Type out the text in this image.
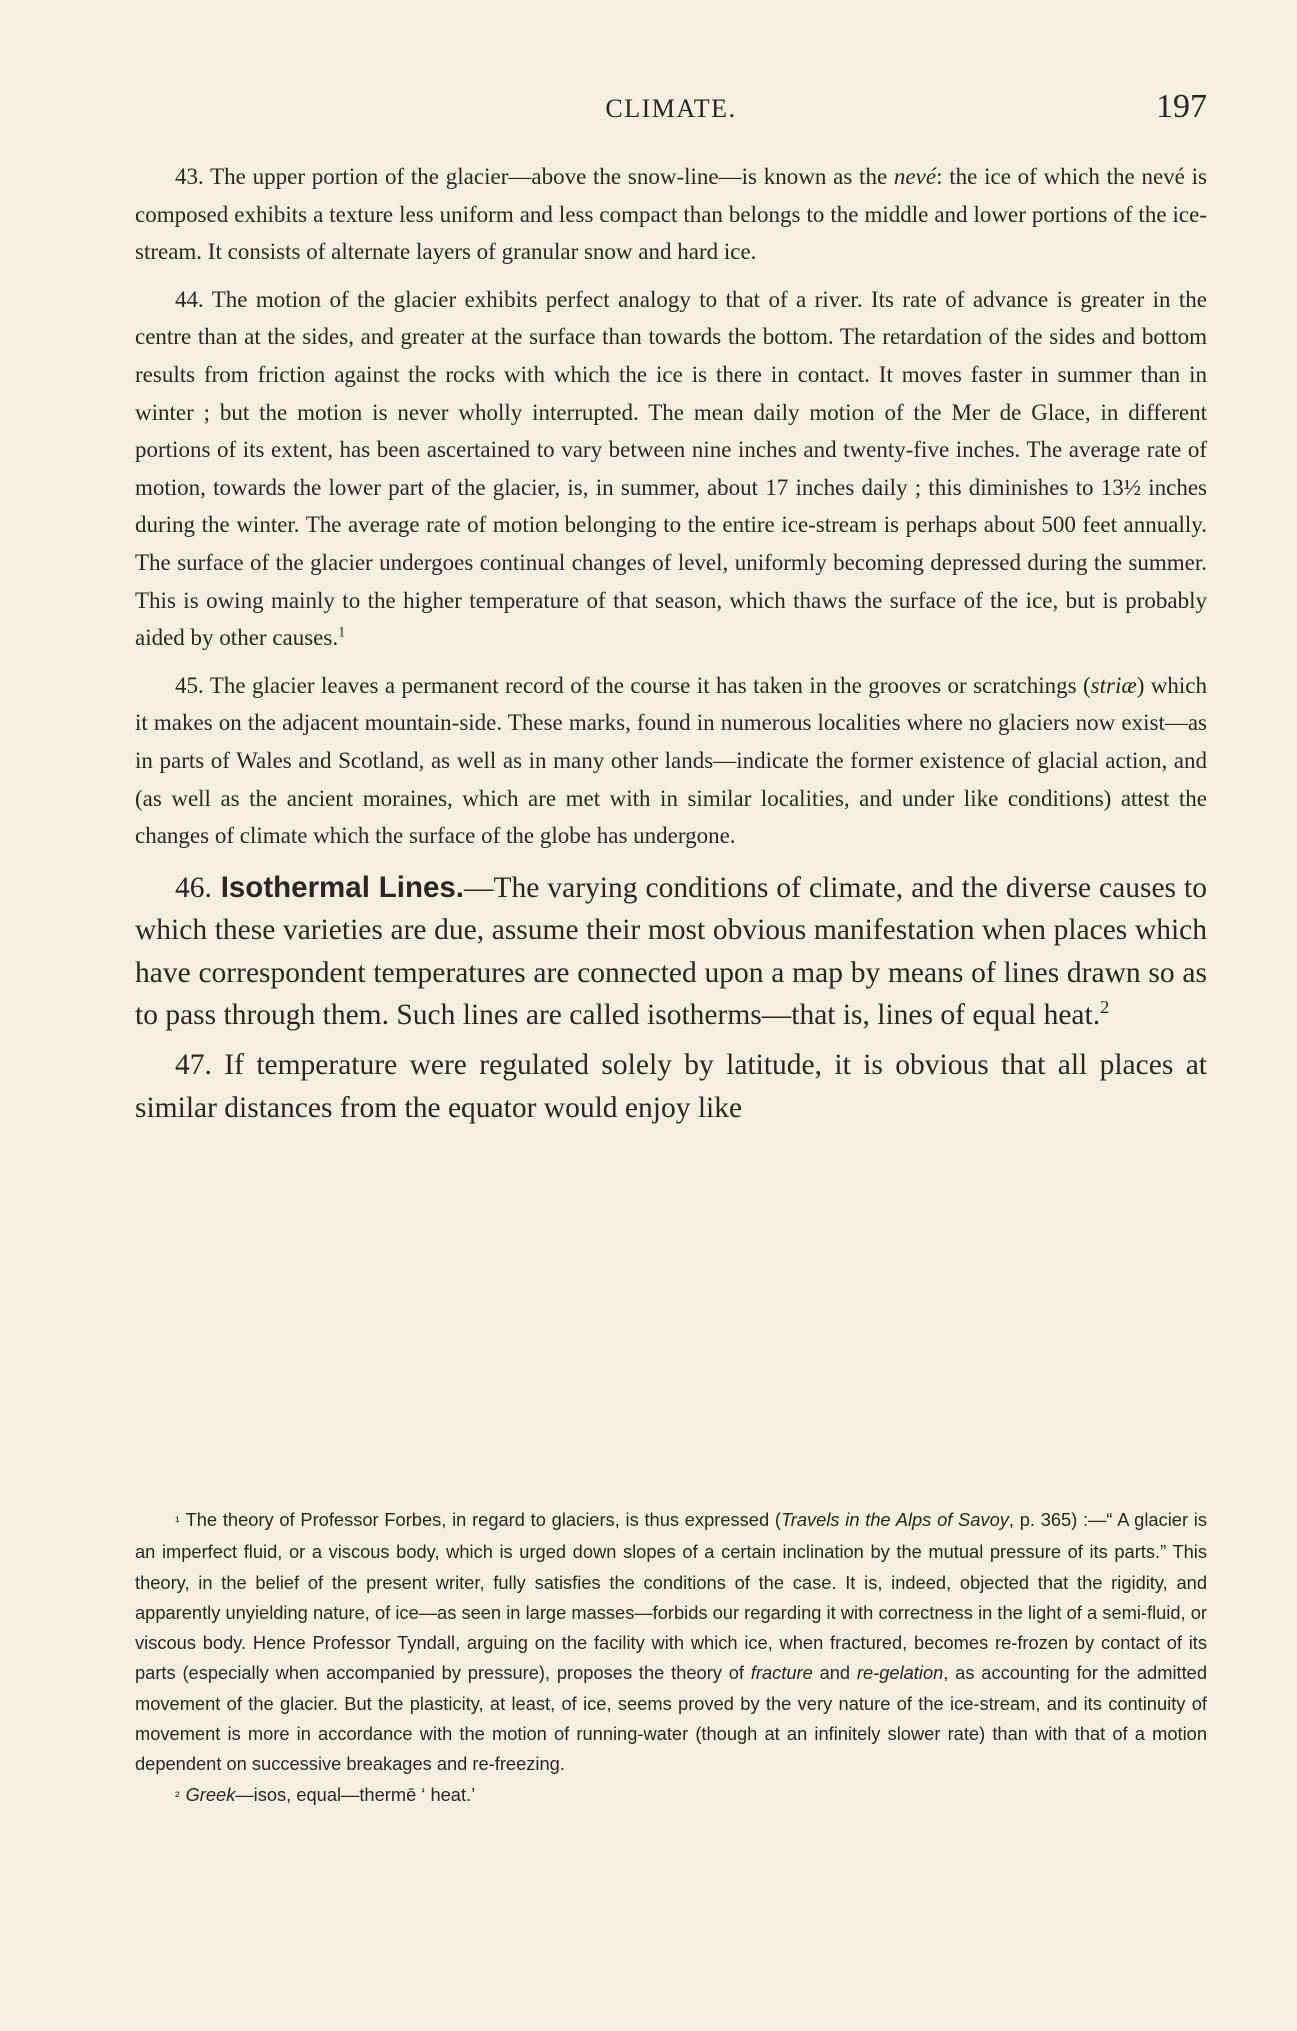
CLIMATE.	197

43. The upper portion of the glacier—above the snow-line—is known as the nevé: the ice of which the nevé is composed exhibits a texture less uniform and less compact than belongs to the middle and lower portions of the ice-stream. It consists of alternate layers of granular snow and hard ice.

44. The motion of the glacier exhibits perfect analogy to that of a river. Its rate of advance is greater in the centre than at the sides, and greater at the surface than towards the bottom. The retardation of the sides and bottom results from friction against the rocks with which the ice is there in contact. It moves faster in summer than in winter ; but the motion is never wholly interrupted. The mean daily motion of the Mer de Glace, in different portions of its extent, has been ascertained to vary between nine inches and twenty-five inches. The average rate of motion, towards the lower part of the glacier, is, in summer, about 17 inches daily ; this diminishes to 13½ inches during the winter. The average rate of motion belonging to the entire ice-stream is perhaps about 500 feet annually. The surface of the glacier undergoes continual changes of level, uniformly becoming depressed during the summer. This is owing mainly to the higher temperature of that season, which thaws the surface of the ice, but is probably aided by other causes.$^1$

45. The glacier leaves a permanent record of the course it has taken in the grooves or scratchings (striæ) which it makes on the adjacent mountain-side. These marks, found in numerous localities where no glaciers now exist—as in parts of Wales and Scotland, as well as in many other lands—indicate the former existence of glacial action, and (as well as the ancient moraines, which are met with in similar localities, and under like conditions) attest the changes of climate which the surface of the globe has undergone.

46. Isothermal Lines.—The varying conditions of climate, and the diverse causes to which these varieties are due, assume their most obvious manifestation when places which have correspondent temperatures are connected upon a map by means of lines drawn so as to pass through them. Such lines are called isotherms—that is, lines of equal heat.$^2$

47. If temperature were regulated solely by latitude, it is obvious that all places at similar distances from the equator would enjoy like

¹ The theory of Professor Forbes, in regard to glaciers, is thus expressed (Travels in the Alps of Savoy, p. 365) :—“ A glacier is an imperfect fluid, or a viscous body, which is urged down slopes of a certain inclination by the mutual pressure of its parts.” This theory, in the belief of the present writer, fully satisfies the conditions of the case. It is, indeed, objected that the rigidity, and apparently unyielding nature, of ice—as seen in large masses—forbids our regarding it with correctness in the light of a semi-fluid, or viscous body. Hence Professor Tyndall, arguing on the facility with which ice, when fractured, becomes re-frozen by contact of its parts (especially when accompanied by pressure), proposes the theory of fracture and re-gelation, as accounting for the admitted movement of the glacier. But the plasticity, at least, of ice, seems proved by the very nature of the ice-stream, and its continuity of movement is more in accordance with the motion of running-water (though at an infinitely slower rate) than with that of a motion dependent on successive breakages and re-freezing.

² Greek—isos, equal—thermē ‘ heat.’
